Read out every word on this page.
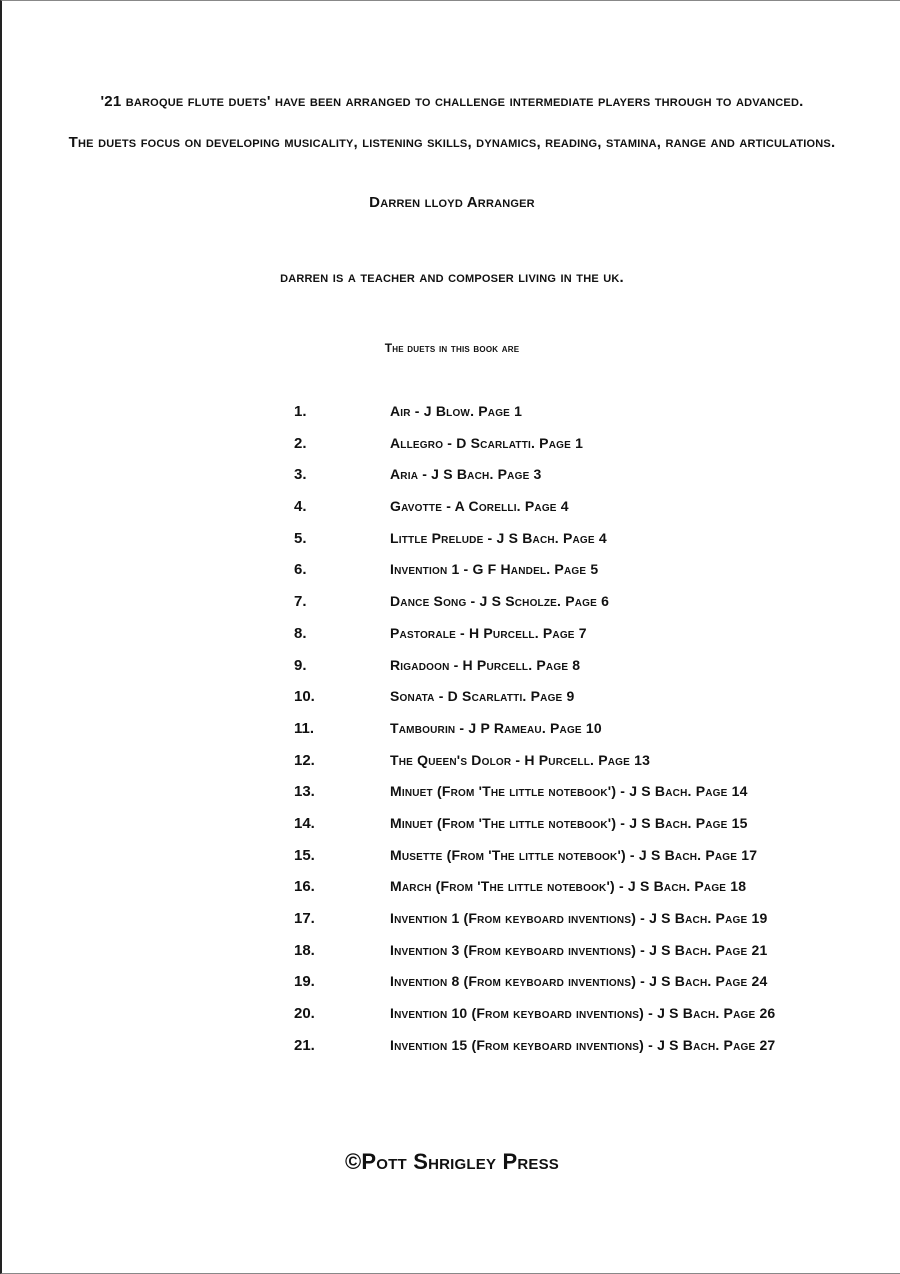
'21 baroque flute duets' have been arranged to challenge intermediate players through to advanced.
The duets focus on developing musicality, listening skills, dynamics, reading, stamina, range and articulations.
Darren lloyd Arranger
darren is a teacher and composer living in the uk.
The duets in this book are
1.	Air - J Blow. Page 1
2.	Allegro - D Scarlatti. Page 1
3.	Aria - J S Bach. Page 3
4.	Gavotte - A Corelli. Page 4
5.	Little Prelude - J S Bach. Page 4
6.	Invention 1 - G F Handel. Page 5
7.	Dance Song - J S Scholze. Page 6
8.	Pastorale - H Purcell. Page 7
9.	Rigadoon - H Purcell. Page 8
10.	Sonata - D Scarlatti. Page 9
11.	Tambourin - J P Rameau. Page 10
12.	The Queen's Dolor - H Purcell. Page 13
13.	Minuet (From 'The little notebook') - J S Bach. Page 14
14.	Minuet (From 'The little notebook') - J S Bach. Page 15
15.	Musette (From 'The little notebook') - J S Bach. Page 17
16.	March (From 'The little notebook') - J S Bach. Page 18
17.	Invention 1 (From keyboard inventions) - J S Bach. Page 19
18.	Invention 3 (From keyboard inventions) - J S Bach. Page 21
19.	Invention 8 (From keyboard inventions) - J S Bach. Page 24
20.	Invention 10 (From keyboard inventions) - J S Bach. Page 26
21.	Invention 15 (From keyboard inventions) - J S Bach. Page 27
©Pott Shrigley Press
